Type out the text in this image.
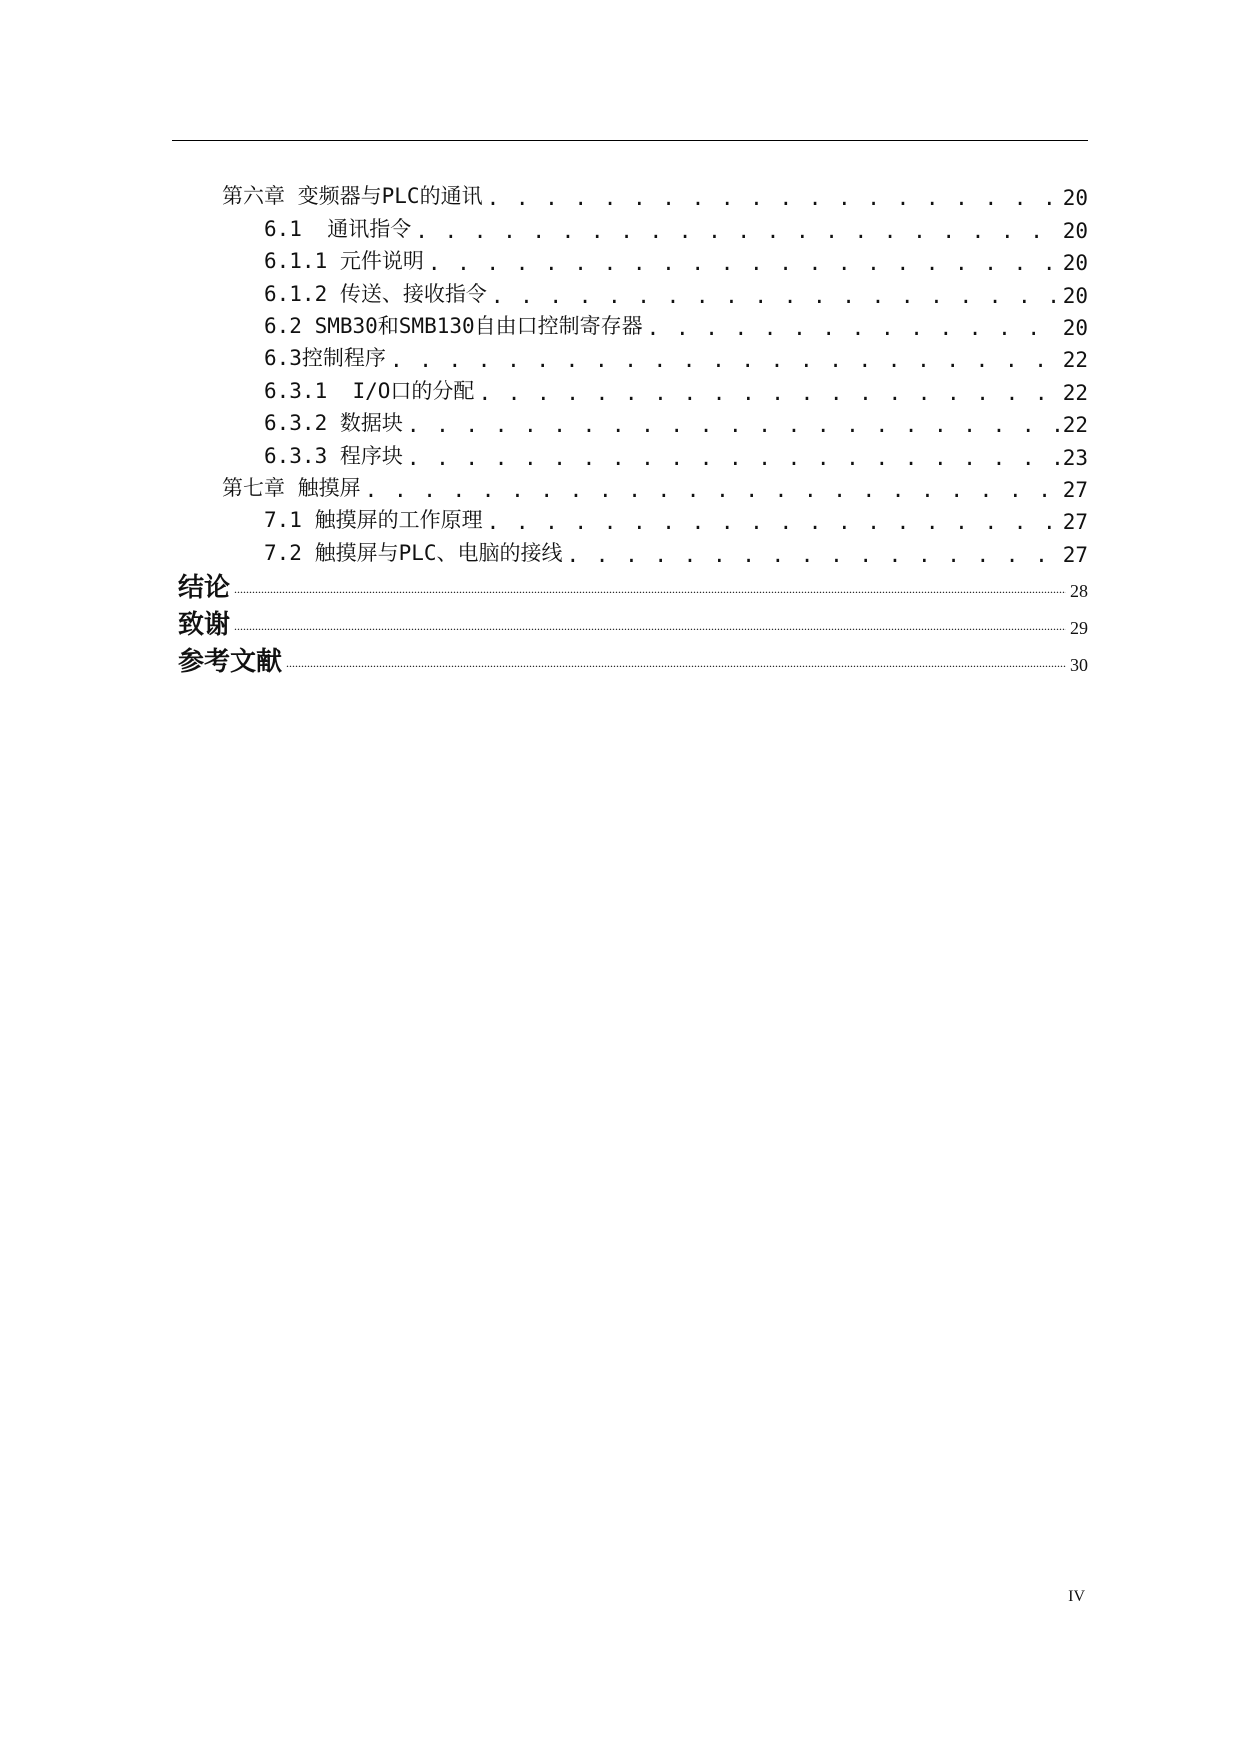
第六章 变频器与PLC的通讯 . . .	20
6.1  通讯指令 . . .	20
6.1.1 元件说明 . . .	20
6.1.2 传送、接收指令 . . .	20
6.2 SMB30和SMB130自由口控制寄存器 . . .	20
6.3控制程序 . . .	22
6.3.1  I/O口的分配 . . .	22
6.3.2 数据块 . . .	22
6.3.3 程序块 . . .	23
第七章 触摸屏 . . .	27
7.1 触摸屏的工作原理 . . .	27
7.2 触摸屏与PLC、电脑的接线 . . .	27
结论 .....	28
致谢 .....	29
参考文献 .....	30
IV
